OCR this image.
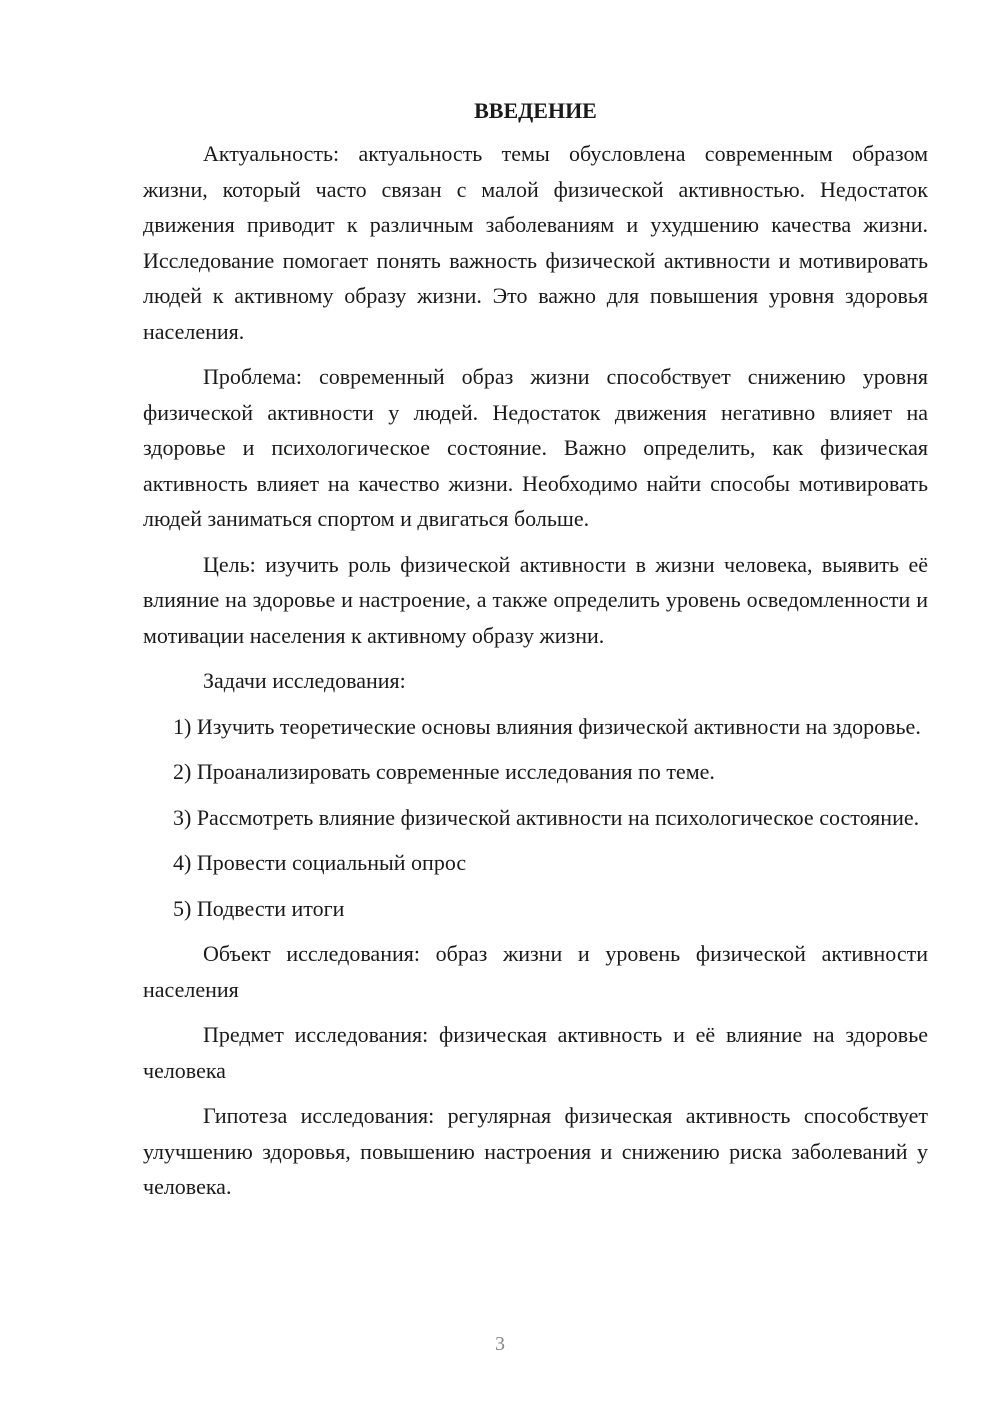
ВВЕДЕНИЕ

Актуальность: актуальность темы обусловлена современным образом жизни, который часто связан с малой физической активностью. Недостаток движения приводит к различным заболеваниям и ухудшению качества жизни. Исследование помогает понять важность физической активности и мотивировать людей к активному образу жизни. Это важно для повышения уровня здоровья населения.

Проблема: современный образ жизни способствует снижению уровня физической активности у людей. Недостаток движения негативно влияет на здоровье и психологическое состояние. Важно определить, как физическая активность влияет на качество жизни. Необходимо найти способы мотивировать людей заниматься спортом и двигаться больше.

Цель: изучить роль физической активности в жизни человека, выявить её влияние на здоровье и настроение, а также определить уровень осведомленности и мотивации населения к активному образу жизни.

Задачи исследования:

1) Изучить теоретические основы влияния физической активности на здоровье.

2) Проанализировать современные исследования по теме.

3) Рассмотреть влияние физической активности на психологическое состояние.

4) Провести социальный опрос

5) Подвести итоги

Объект исследования: образ жизни и уровень физической активности населения

Предмет исследования: физическая активность и её влияние на здоровье человека

Гипотеза исследования: регулярная физическая активность способствует улучшению здоровья, повышению настроения и снижению риска заболеваний у человека.

3
